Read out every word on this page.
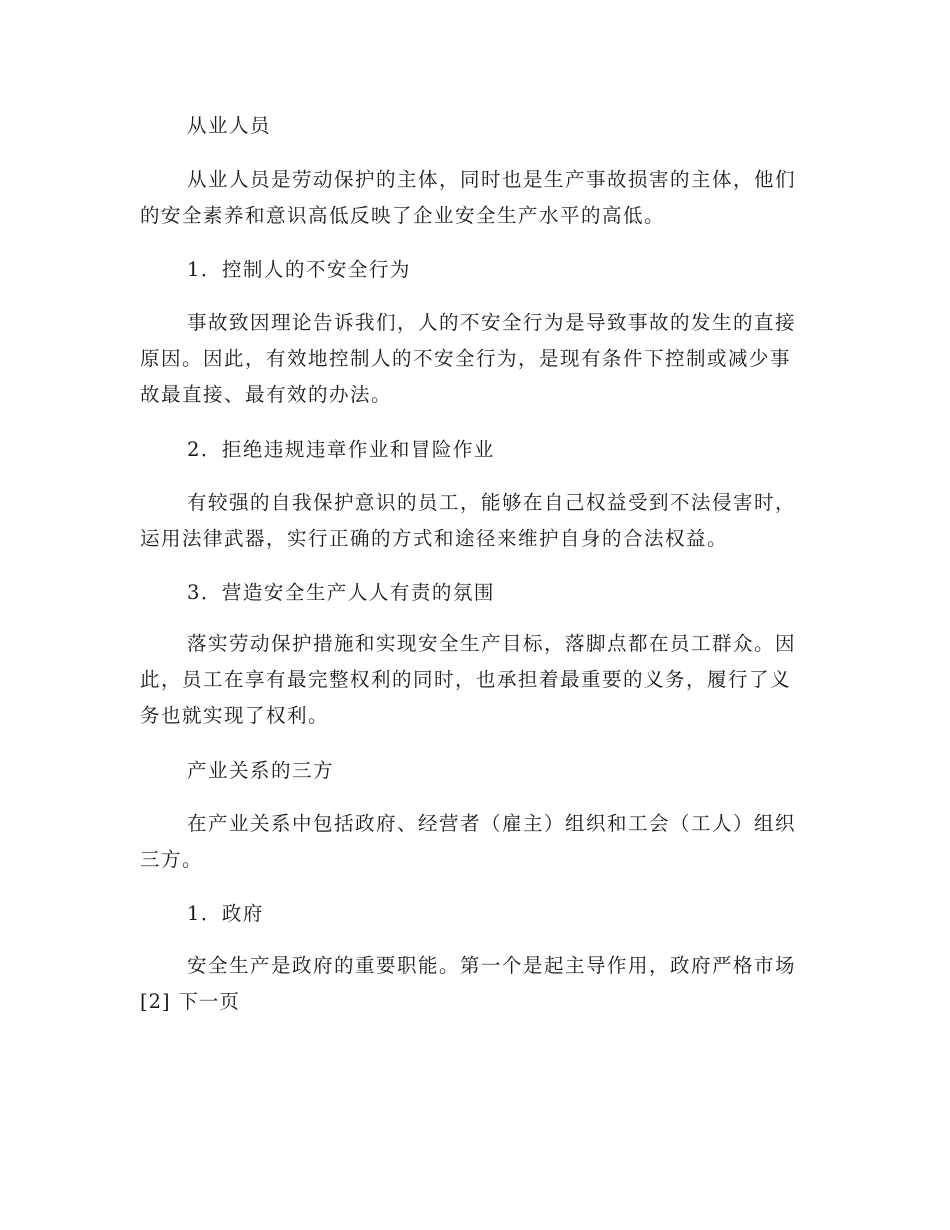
从业人员

从业人员是劳动保护的主体，同时也是生产事故损害的主体，他们的安全素养和意识高低反映了企业安全生产水平的高低。

1．控制人的不安全行为

事故致因理论告诉我们，人的不安全行为是导致事故的发生的直接原因。因此，有效地控制人的不安全行为，是现有条件下控制或减少事故最直接、最有效的办法。

2．拒绝违规违章作业和冒险作业

有较强的自我保护意识的员工，能够在自己权益受到不法侵害时，运用法律武器，实行正确的方式和途径来维护自身的合法权益。

3．营造安全生产人人有责的氛围

落实劳动保护措施和实现安全生产目标，落脚点都在员工群众。因此，员工在享有最完整权利的同时，也承担着最重要的义务，履行了义务也就实现了权利。

产业关系的三方

在产业关系中包括政府、经营者（雇主）组织和工会（工人）组织三方。

1．政府

安全生产是政府的重要职能。第一个是起主导作用，政府严格市场[2] 下一页
